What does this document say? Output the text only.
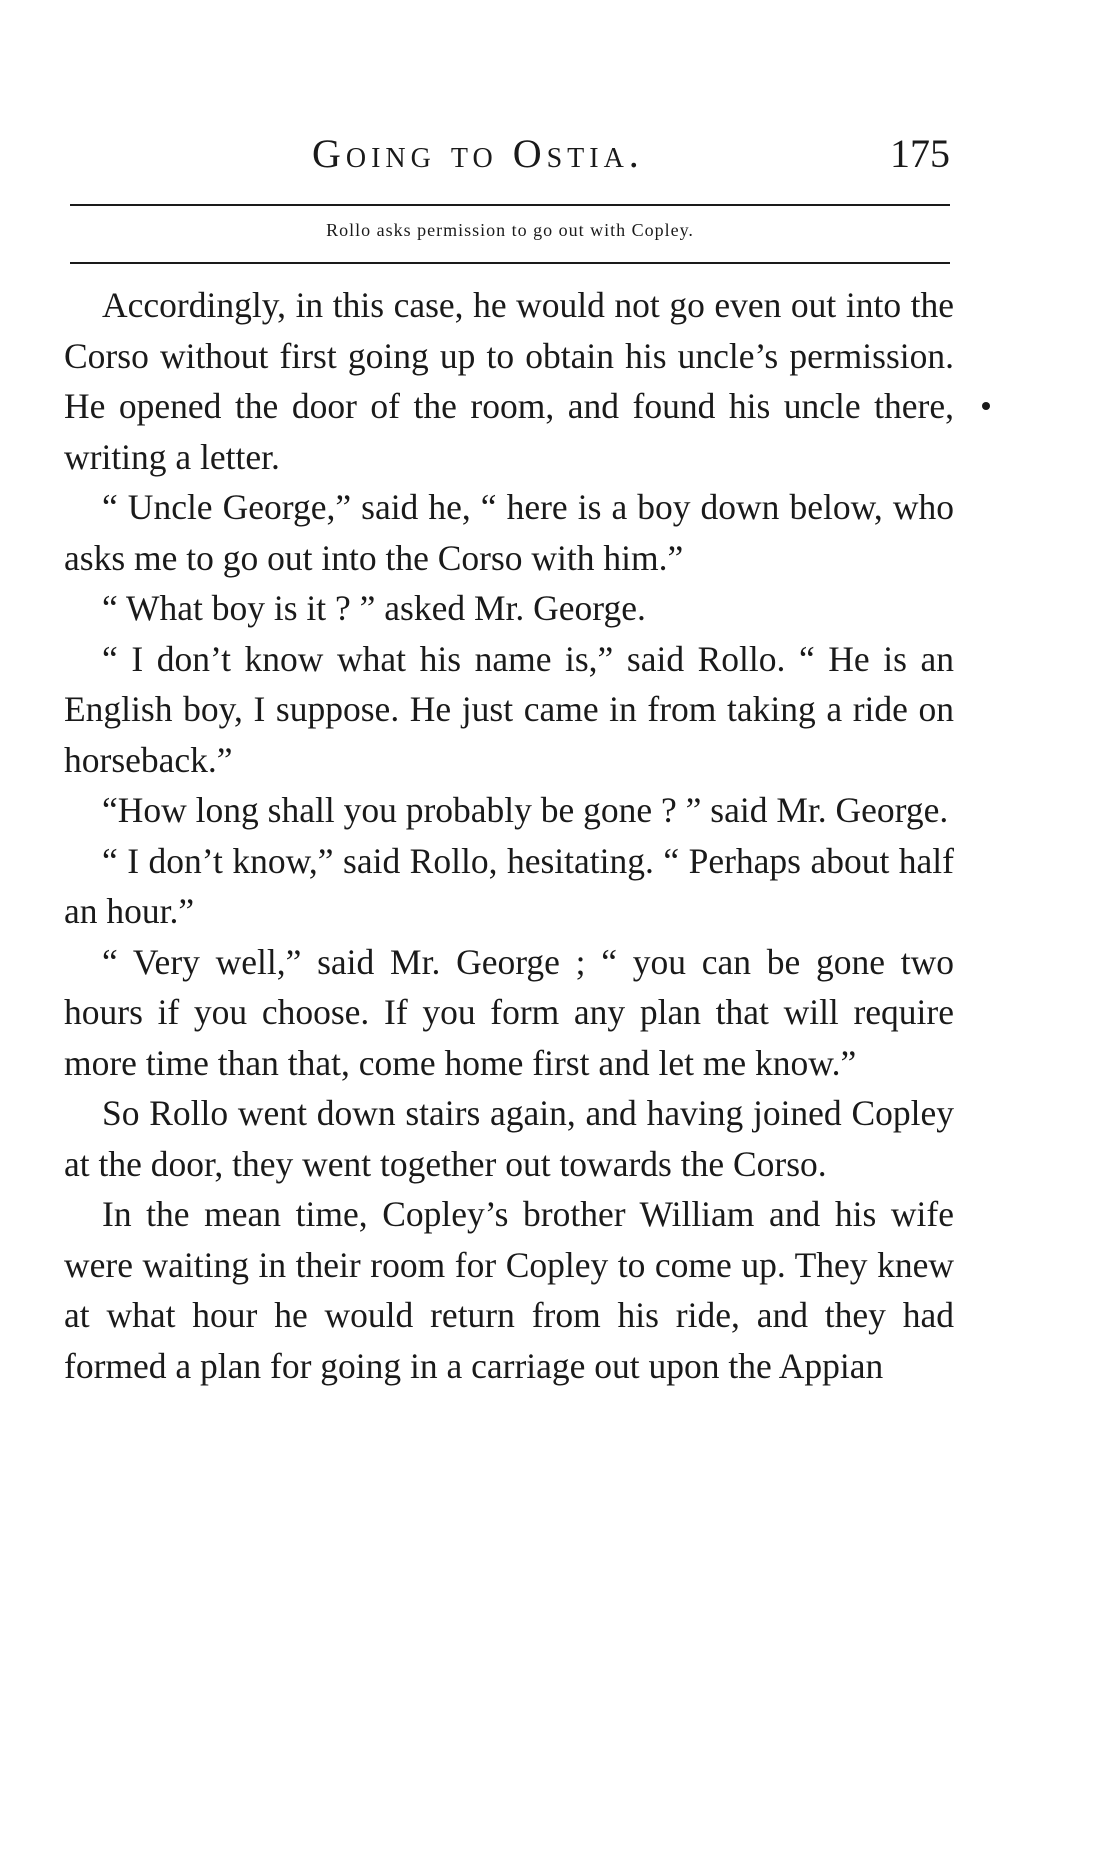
Going to Ostia.	175
Rollo asks permission to go out with Copley.

Accordingly, in this case, he would not go even out into the Corso without first going up to obtain his uncle’s permission. He opened the door of the room, and found his uncle there, writing a letter.

“ Uncle George,” said he, “ here is a boy down below, who asks me to go out into the Corso with him.”

“ What boy is it ? ” asked Mr. George.

“ I don’t know what his name is,” said Rollo. “ He is an English boy, I suppose. He just came in from taking a ride on horseback.”

“How long shall you probably be gone ? ” said Mr. George.

“ I don’t know,” said Rollo, hesitating. “ Perhaps about half an hour.”

“ Very well,” said Mr. George ; “ you can be gone two hours if you choose. If you form any plan that will require more time than that, come home first and let me know.”

So Rollo went down stairs again, and having joined Copley at the door, they went together out towards the Corso.

In the mean time, Copley’s brother William and his wife were waiting in their room for Copley to come up. They knew at what hour he would return from his ride, and they had formed a plan for going in a carriage out upon the Appian
